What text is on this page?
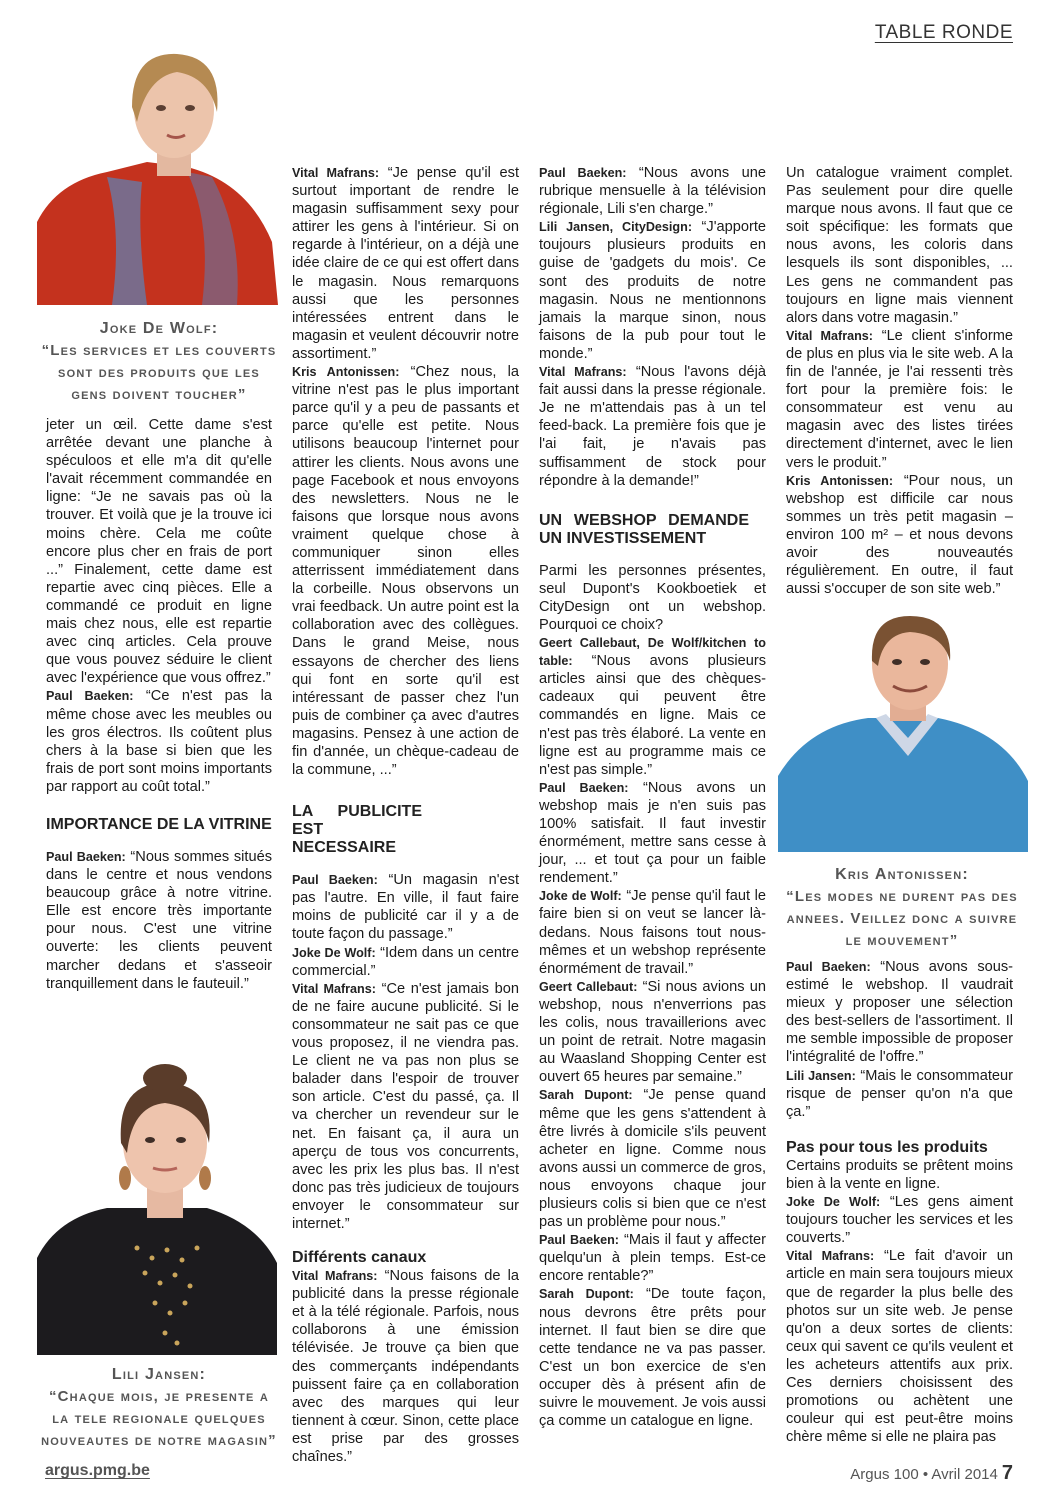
TABLE RONDE
Joke De Wolf:
“Les services et les couverts sont des produits que les gens doivent toucher”

jeter un œil. Cette dame s'est arrêtée devant une planche à spéculoos et elle m'a dit qu'elle l'avait récemment commandée en ligne: “Je ne savais pas où la trouver. Et voilà que je la trouve ici moins chère. Cela me coûte encore plus cher en frais de port ...” Finalement, cette dame est repartie avec cinq pièces. Elle a commandé ce produit en ligne mais chez nous, elle est repartie avec cinq articles. Cela prouve que vous pouvez séduire le client avec l'expérience que vous offrez.”

Paul Baeken: “Ce n'est pas la même chose avec les meubles ou les gros électros. Ils coûtent plus chers à la base si bien que les frais de port sont moins importants par rapport au coût total.”

IMPORTANCE DE LA VITRINE

Paul Baeken: “Nous sommes situés dans le centre et nous vendons beaucoup grâce à notre vitrine. Elle est encore très importante pour nous. C'est une vitrine ouverte: les clients peuvent marcher dedans et s'asseoir tranquillement dans le fauteuil.”

Lili Jansen:
“Chaque mois, je presente a la tele regionale quelques nouveautes de notre magasin”

Vital Mafrans: “Je pense qu'il est surtout important de rendre le magasin suffisamment sexy pour attirer les gens à l'intérieur. Si on regarde à l'intérieur, on a déjà une idée claire de ce qui est offert dans le magasin. Nous remarquons aussi que les personnes intéressées entrent dans le magasin et veulent découvrir notre assortiment.”

Kris Antonissen: “Chez nous, la vitrine n'est pas le plus important parce qu'il y a peu de passants et parce qu'elle est petite. Nous utilisons beaucoup l'internet pour attirer les clients. Nous avons une page Facebook et nous envoyons des newsletters. Nous ne le faisons que lorsque nous avons vraiment quelque chose à communiquer sinon elles atterrissent immédiatement dans la corbeille. Nous observons un vrai feedback. Un autre point est la collaboration avec des collègues. Dans le grand Meise, nous essayons de chercher des liens qui font en sorte qu'il est intéressant de passer chez l'un puis de combiner ça avec d'autres magasins. Pensez à une action de fin d'année, un chèque-cadeau de la commune, ...”

LA PUBLICITE EST NECESSAIRE

Paul Baeken: “Un magasin n'est pas l'autre. En ville, il faut faire moins de publicité car il y a de toute façon du passage.”

Joke De Wolf: “Idem dans un centre commercial.”

Vital Mafrans: “Ce n'est jamais bon de ne faire aucune publicité. Si le consommateur ne sait pas ce que vous proposez, il ne viendra pas. Le client ne va pas non plus se balader dans l'espoir de trouver son article. C'est du passé, ça. Il va chercher un revendeur sur le net. En faisant ça, il aura un aperçu de tous vos concurrents, avec les prix les plus bas. Il n'est donc pas très judicieux de toujours envoyer le consommateur sur internet.”

Différents canaux

Vital Mafrans: “Nous faisons de la publicité dans la presse régionale et à la télé régionale. Parfois, nous collaborons à une émission télévisée. Je trouve ça bien que des commerçants indépendants puissent faire ça en collaboration avec des marques qui leur tiennent à cœur. Sinon, cette place est prise par des grosses chaînes.”

Paul Baeken: “Nous avons une rubrique mensuelle à la télévision régionale, Lili s'en charge.”

Lili Jansen, CityDesign: “J'apporte toujours plusieurs produits en guise de 'gadgets du mois'. Ce sont des produits de notre magasin. Nous ne mentionnons jamais la marque sinon, nous faisons de la pub pour tout le monde.”

Vital Mafrans: “Nous l'avons déjà fait aussi dans la presse régionale. Je ne m'attendais pas à un tel feed-back. La première fois que je l'ai fait, je n'avais pas suffisamment de stock pour répondre à la demande!”

UN WEBSHOP DEMANDE UN INVESTISSEMENT

Parmi les personnes présentes, seul Dupont's Kookboetiek et CityDesign ont un webshop. Pourquoi ce choix?

Geert Callebaut, De Wolf/kitchen to table: “Nous avons plusieurs articles ainsi que des chèques-cadeaux qui peuvent être commandés en ligne. Mais ce n'est pas très élaboré. La vente en ligne est au programme mais ce n'est pas simple.”

Paul Baeken: “Nous avons un webshop mais je n'en suis pas 100% satisfait. Il faut investir énormément, mettre sans cesse à jour, ... et tout ça pour un faible rendement.”

Joke de Wolf: “Je pense qu'il faut le faire bien si on veut se lancer là-dedans. Nous faisons tout nous-mêmes et un webshop représente énormément de travail.”

Geert Callebaut: “Si nous avions un webshop, nous n'enverrions pas les colis, nous travaillerions avec un point de retrait. Notre magasin au Waasland Shopping Center est ouvert 65 heures par semaine.”

Sarah Dupont: “Je pense quand même que les gens s'attendent à être livrés à domicile s'ils peuvent acheter en ligne. Comme nous avons aussi un commerce de gros, nous envoyons chaque jour plusieurs colis si bien que ce n'est pas un problème pour nous.”

Paul Baeken: “Mais il faut y affecter quelqu'un à plein temps. Est-ce encore rentable?”

Sarah Dupont: “De toute façon, nous devrons être prêts pour internet. Il faut bien se dire que cette tendance ne va pas passer. C'est un bon exercice de s'en occuper dès à présent afin de suivre le mouvement. Je vois aussi ça comme un catalogue en ligne.

Un catalogue vraiment complet. Pas seulement pour dire quelle marque nous avons. Il faut que ce soit spécifique: les formats que nous avons, les coloris dans lesquels ils sont disponibles, ... Les gens ne commandent pas toujours en ligne mais viennent alors dans votre magasin.”

Vital Mafrans: “Le client s'informe de plus en plus via le site web. A la fin de l'année, je l'ai ressenti très fort pour la première fois: le consommateur est venu au magasin avec des listes tirées directement d'internet, avec le lien vers le produit.”

Kris Antonissen: “Pour nous, un webshop est difficile car nous sommes un très petit magasin – environ 100 m² – et nous devons avoir des nouveautés régulièrement. En outre, il faut aussi s'occuper de son site web.”

Kris Antonissen:
“Les modes ne durent pas des annees. Veillez donc a suivre le mouvement”

Paul Baeken: “Nous avons sous-estimé le webshop. Il vaudrait mieux y proposer une sélection des best-sellers de l'assortiment. Il me semble impossible de proposer l'intégralité de l'offre.”

Lili Jansen: “Mais le consommateur risque de penser qu'on n'a que ça.”

Pas pour tous les produits

Certains produits se prêtent moins bien à la vente en ligne.

Joke De Wolf: “Les gens aiment toujours toucher les services et les couverts.”

Vital Mafrans: “Le fait d'avoir un article en main sera toujours mieux que de regarder la plus belle des photos sur un site web. Je pense qu'on a deux sortes de clients: ceux qui savent ce qu'ils veulent et les acheteurs attentifs aux prix. Ces derniers choisissent des promotions ou achètent une couleur qui est peut-être moins chère même si elle ne plaira pas

argus.pmg.be	Argus 100 • Avril 2014 7
